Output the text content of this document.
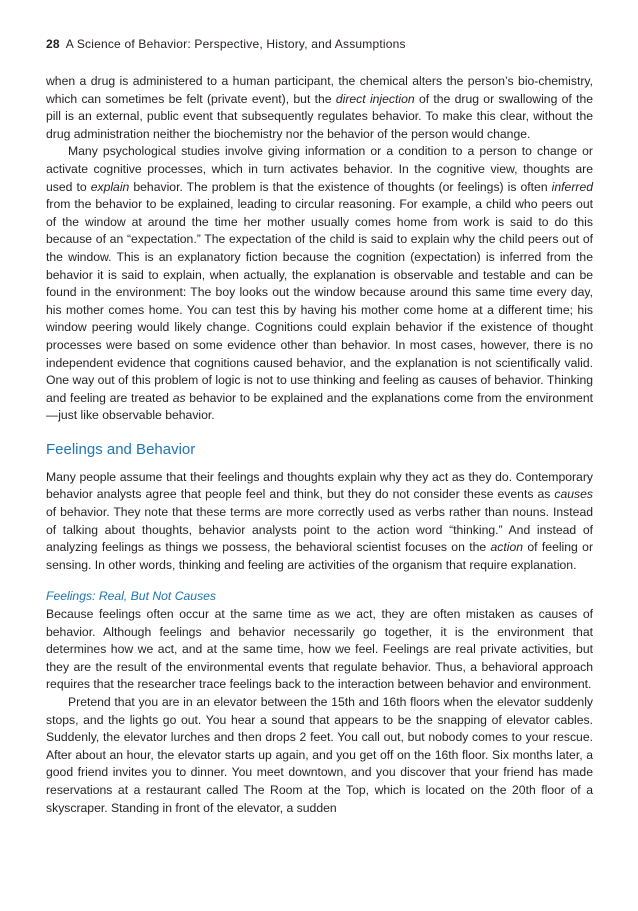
28 A Science of Behavior: Perspective, History, and Assumptions

when a drug is administered to a human participant, the chemical alters the person’s bio-chemistry, which can sometimes be felt (private event), but the direct injection of the drug or swallowing of the pill is an external, public event that subsequently regulates behavior. To make this clear, without the drug administration neither the biochemistry nor the behavior of the person would change.

Many psychological studies involve giving information or a condition to a person to change or activate cognitive processes, which in turn activates behavior. In the cognitive view, thoughts are used to explain behavior. The problem is that the existence of thoughts (or feelings) is often inferred from the behavior to be explained, leading to circular reasoning. For example, a child who peers out of the window at around the time her mother usually comes home from work is said to do this because of an “expectation.” The expectation of the child is said to explain why the child peers out of the window. This is an explanatory fiction because the cognition (expectation) is inferred from the behavior it is said to explain, when actually, the explanation is observable and testable and can be found in the environment: The boy looks out the window because around this same time every day, his mother comes home. You can test this by having his mother come home at a different time; his window peering would likely change. Cognitions could explain behavior if the existence of thought processes were based on some evidence other than behavior. In most cases, however, there is no independent evidence that cognitions caused behavior, and the explanation is not scientifically valid. One way out of this problem of logic is not to use thinking and feeling as causes of behavior. Thinking and feeling are treated as behavior to be explained and the explanations come from the environment—just like observable behavior.

Feelings and Behavior

Many people assume that their feelings and thoughts explain why they act as they do. Contemporary behavior analysts agree that people feel and think, but they do not consider these events as causes of behavior. They note that these terms are more correctly used as verbs rather than nouns. Instead of talking about thoughts, behavior analysts point to the action word “thinking.” And instead of analyzing feelings as things we possess, the behavioral scientist focuses on the action of feeling or sensing. In other words, thinking and feeling are activities of the organism that require explanation.

Feelings: Real, But Not Causes

Because feelings often occur at the same time as we act, they are often mistaken as causes of behavior. Although feelings and behavior necessarily go together, it is the environment that determines how we act, and at the same time, how we feel. Feelings are real private activities, but they are the result of the environmental events that regulate behavior. Thus, a behavioral approach requires that the researcher trace feelings back to the interaction between behavior and environment.

Pretend that you are in an elevator between the 15th and 16th floors when the elevator suddenly stops, and the lights go out. You hear a sound that appears to be the snapping of elevator cables. Suddenly, the elevator lurches and then drops 2 feet. You call out, but nobody comes to your rescue. After about an hour, the elevator starts up again, and you get off on the 16th floor. Six months later, a good friend invites you to dinner. You meet downtown, and you discover that your friend has made reservations at a restaurant called The Room at the Top, which is located on the 20th floor of a skyscraper. Standing in front of the elevator, a sudden
